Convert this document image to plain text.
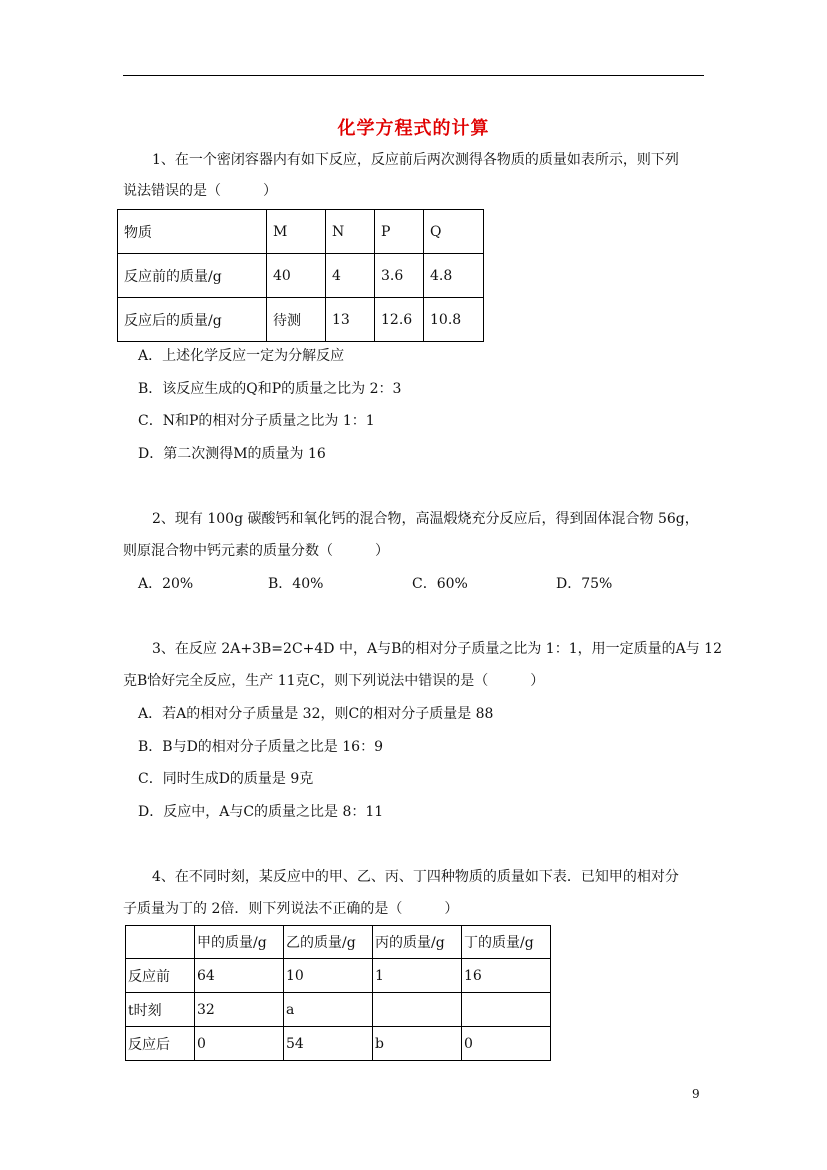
化学方程式的计算
1、在一个密闭容器内有如下反应，反应前后两次测得各物质的质量如表所示，则下列
说法错误的是（　　　）
物质	M	N	P	Q
反应前的质量/g	40	4	3.6	4.8
反应后的质量/g	待测	13	12.6	10.8
A．上述化学反应一定为分解反应
B．该反应生成的Q和P的质量之比为 2：3
C．N和P的相对分子质量之比为 1：1
D．第二次测得M的质量为 16
2、现有 100g 碳酸钙和氧化钙的混合物，高温煅烧充分反应后，得到固体混合物 56g，
则原混合物中钙元素的质量分数（　　　）
A．20%	B．40%	C．60%	D．75%
3、在反应 2A+3B=2C+4D 中，A与B的相对分子质量之比为 1：1，用一定质量的A与 12
克B恰好完全反应，生产 11克C，则下列说法中错误的是（　　　）
A．若A的相对分子质量是 32，则C的相对分子质量是 88
B．B与D的相对分子质量之比是 16：9
C．同时生成D的质量是 9克
D．反应中，A与C的质量之比是 8：11
4、在不同时刻，某反应中的甲、乙、丙、丁四种物质的质量如下表．已知甲的相对分
子质量为丁的 2倍．则下列说法不正确的是（　　　）
	甲的质量/g	乙的质量/g	丙的质量/g	丁的质量/g
反应前	64	10	1	16
t时刻	32	a		
反应后	0	54	b	0
9
